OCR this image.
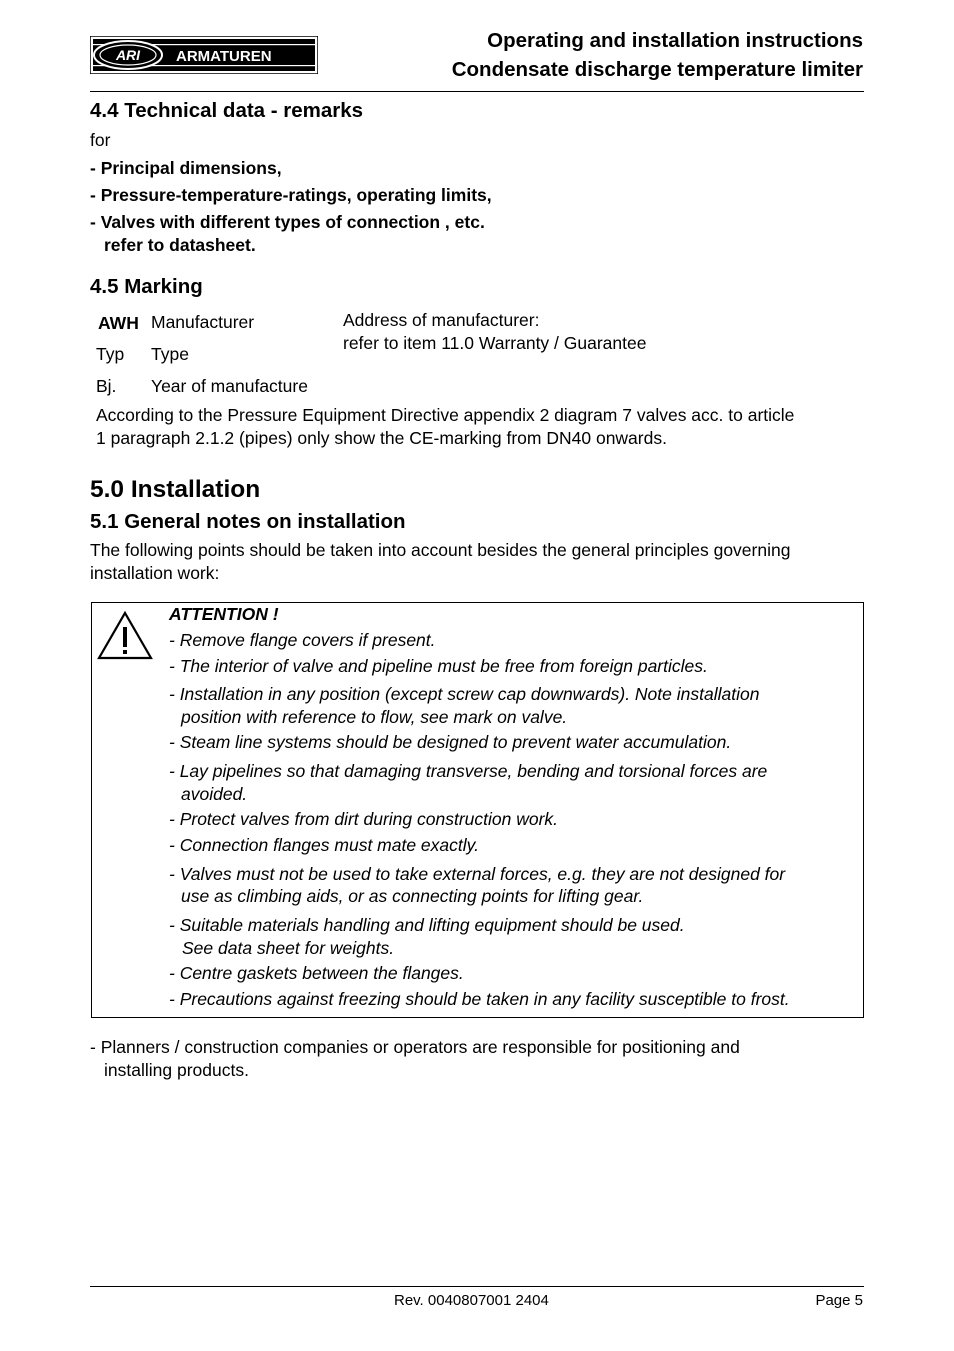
ARI ARMATUREN
Operating and installation instructions
Condensate discharge temperature limiter
4.4 Technical data - remarks
for
- Principal dimensions,
- Pressure-temperature-ratings, operating limits,
- Valves with different types of connection , etc.
refer to datasheet.
4.5 Marking
AWH Manufacturer
Typ Type
Bj. Year of manufacture
Address of manufacturer:
refer to item 11.0 Warranty / Guarantee
According to the Pressure Equipment Directive appendix 2 diagram 7 valves acc. to article
1 paragraph 2.1.2 (pipes) only show the CE-marking from DN40 onwards.
5.0 Installation
5.1 General notes on installation
The following points should be taken into account besides the general principles governing
installation work:
ATTENTION !
- Remove flange covers if present.
- The interior of valve and pipeline must be free from foreign particles.
- Installation in any position (except screw cap downwards). Note installation
position with reference to flow, see mark on valve.
- Steam line systems should be designed to prevent water accumulation.
- Lay pipelines so that damaging transverse, bending and torsional forces are
avoided.
- Protect valves from dirt during construction work.
- Connection flanges must mate exactly.
- Valves must not be used to take external forces, e.g. they are not designed for
use as climbing aids, or as connecting points for lifting gear.
- Suitable materials handling and lifting equipment should be used.
See data sheet for weights.
- Centre gaskets between the flanges.
- Precautions against freezing should be taken in any facility susceptible to frost.
- Planners / construction companies or operators are responsible for positioning and
installing products.
Rev. 0040807001 2404	Page 5
